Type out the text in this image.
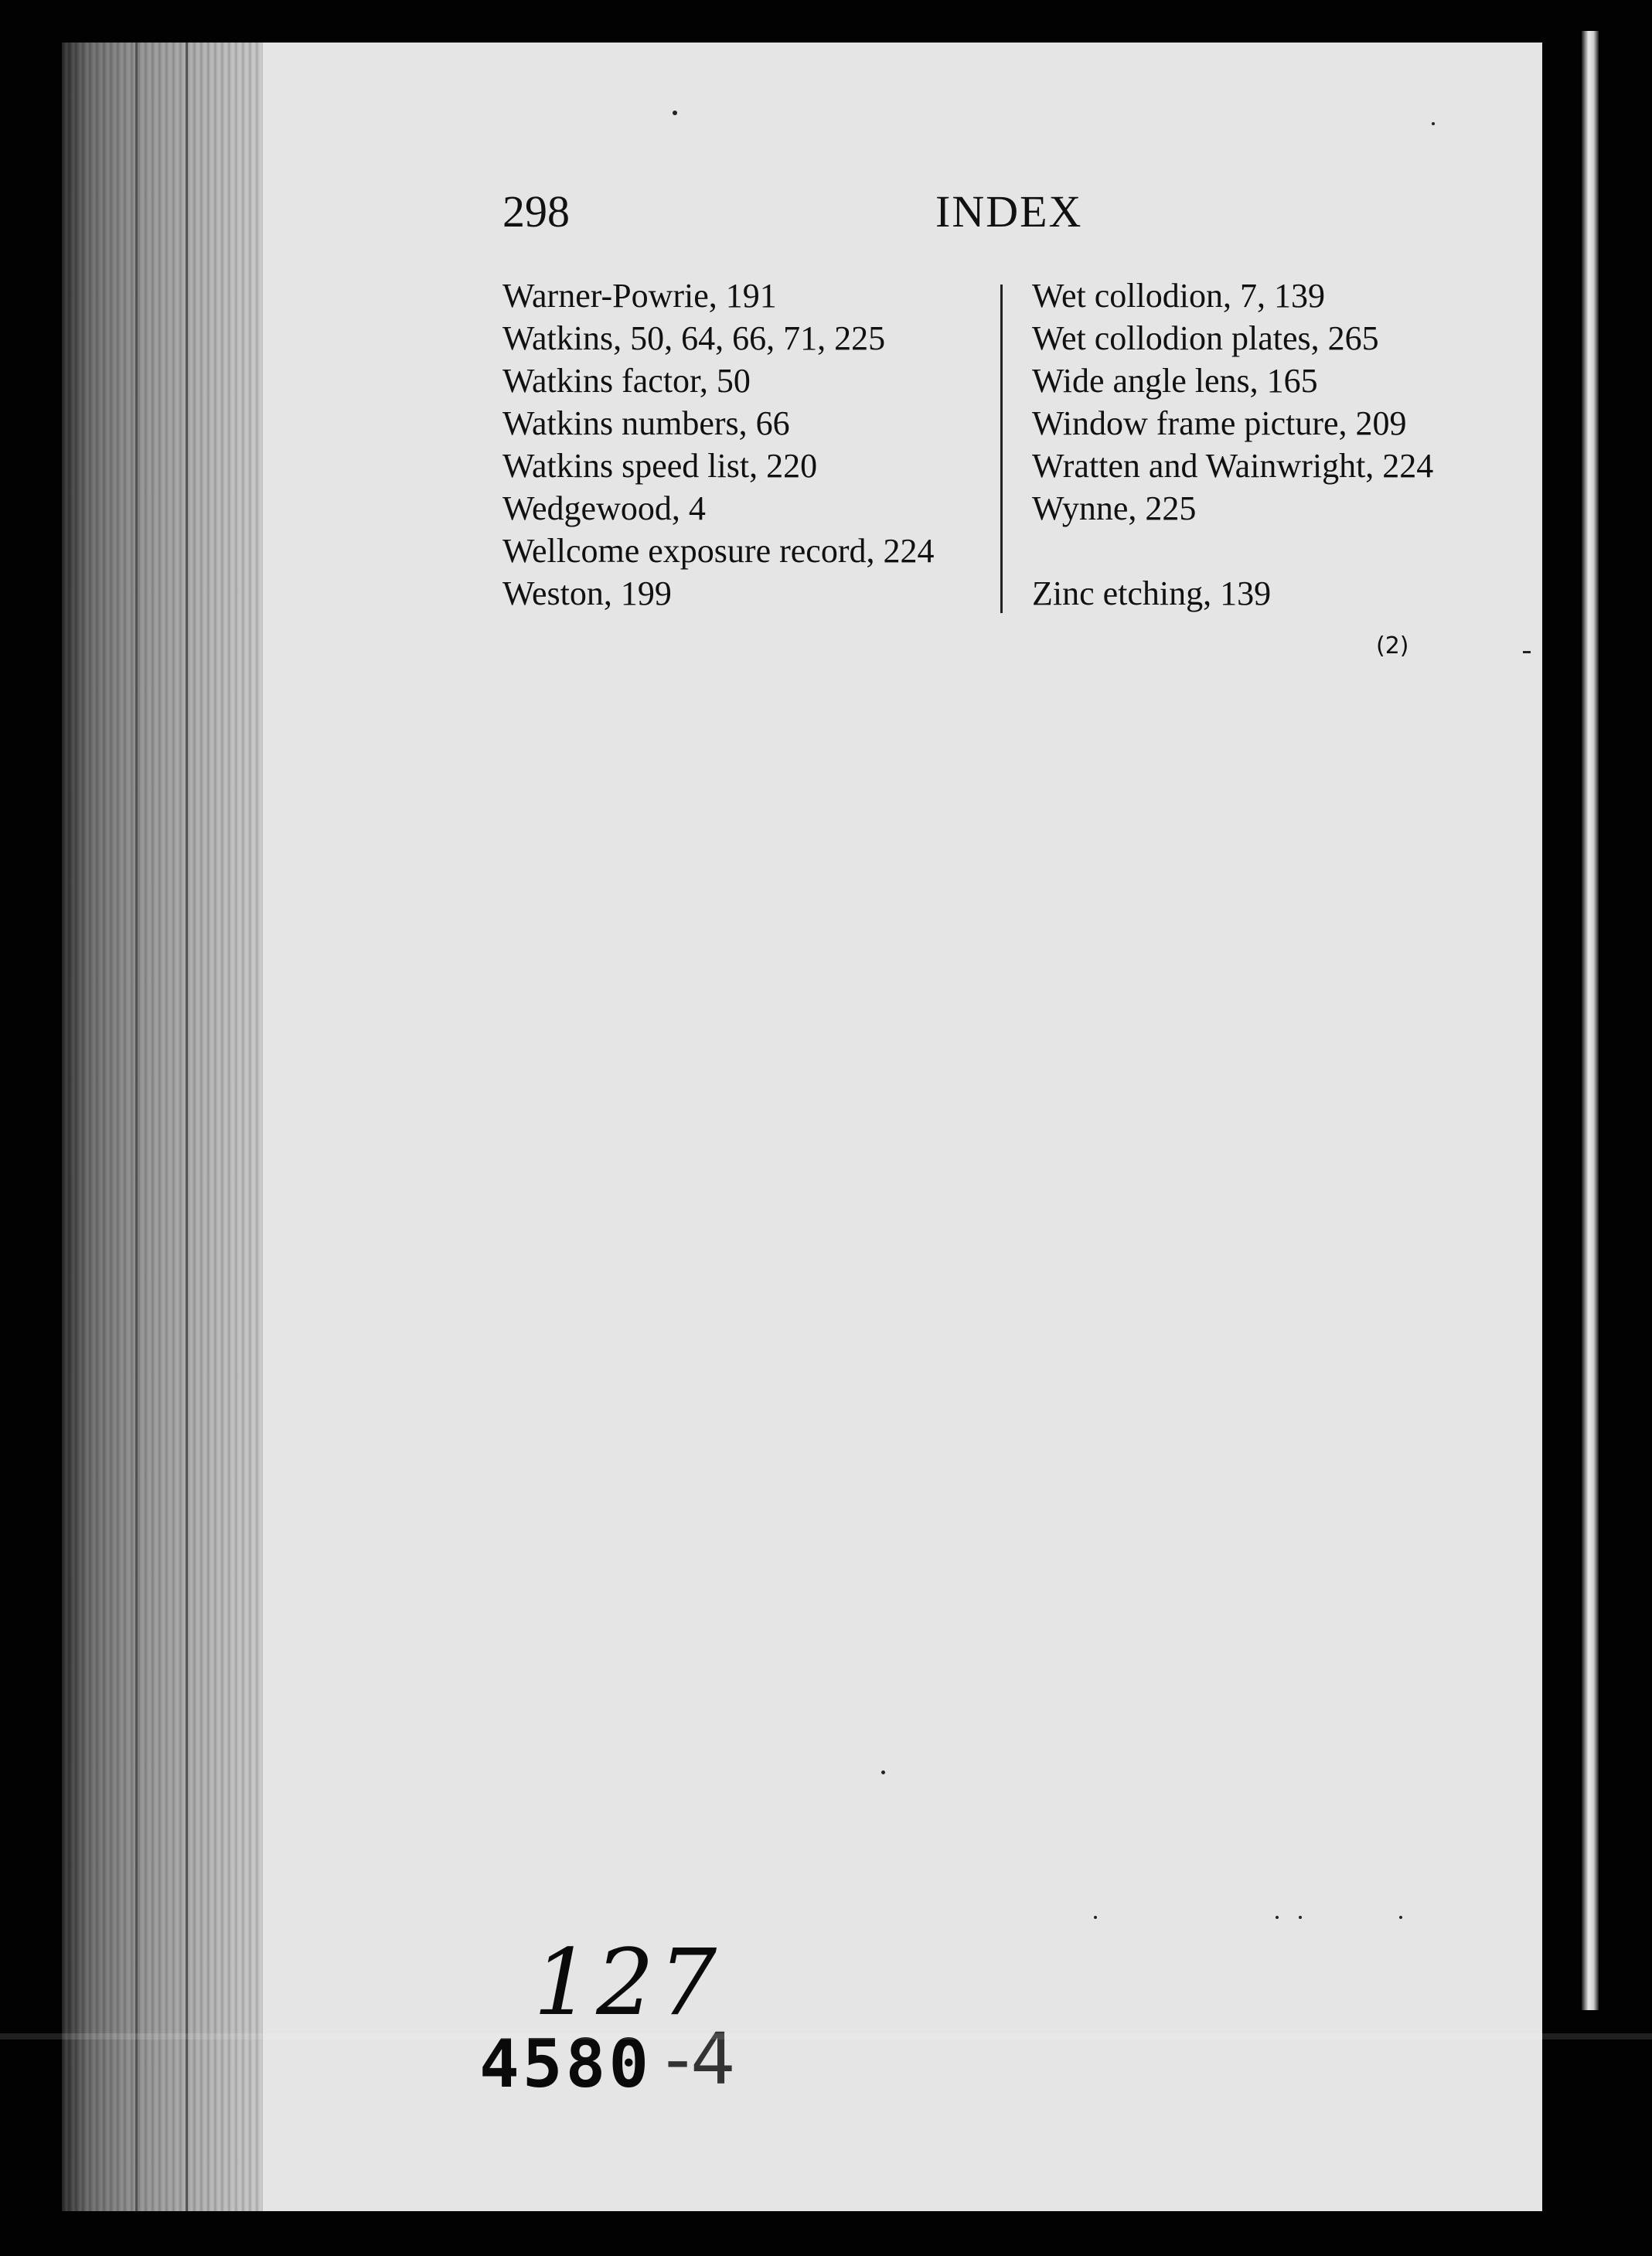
298	INDEX
Warner-Powrie, 191
Watkins, 50, 64, 66, 71, 225
Watkins factor, 50
Watkins numbers, 66
Watkins speed list, 220
Wedgewood, 4
Wellcome exposure record, 224
Weston, 199
Wet collodion, 7, 139
Wet collodion plates, 265
Wide angle lens, 165
Window frame picture, 209
Wratten and Wainwright, 224
Wynne, 225
Zinc etching, 139
(2)
127
4580 -4
